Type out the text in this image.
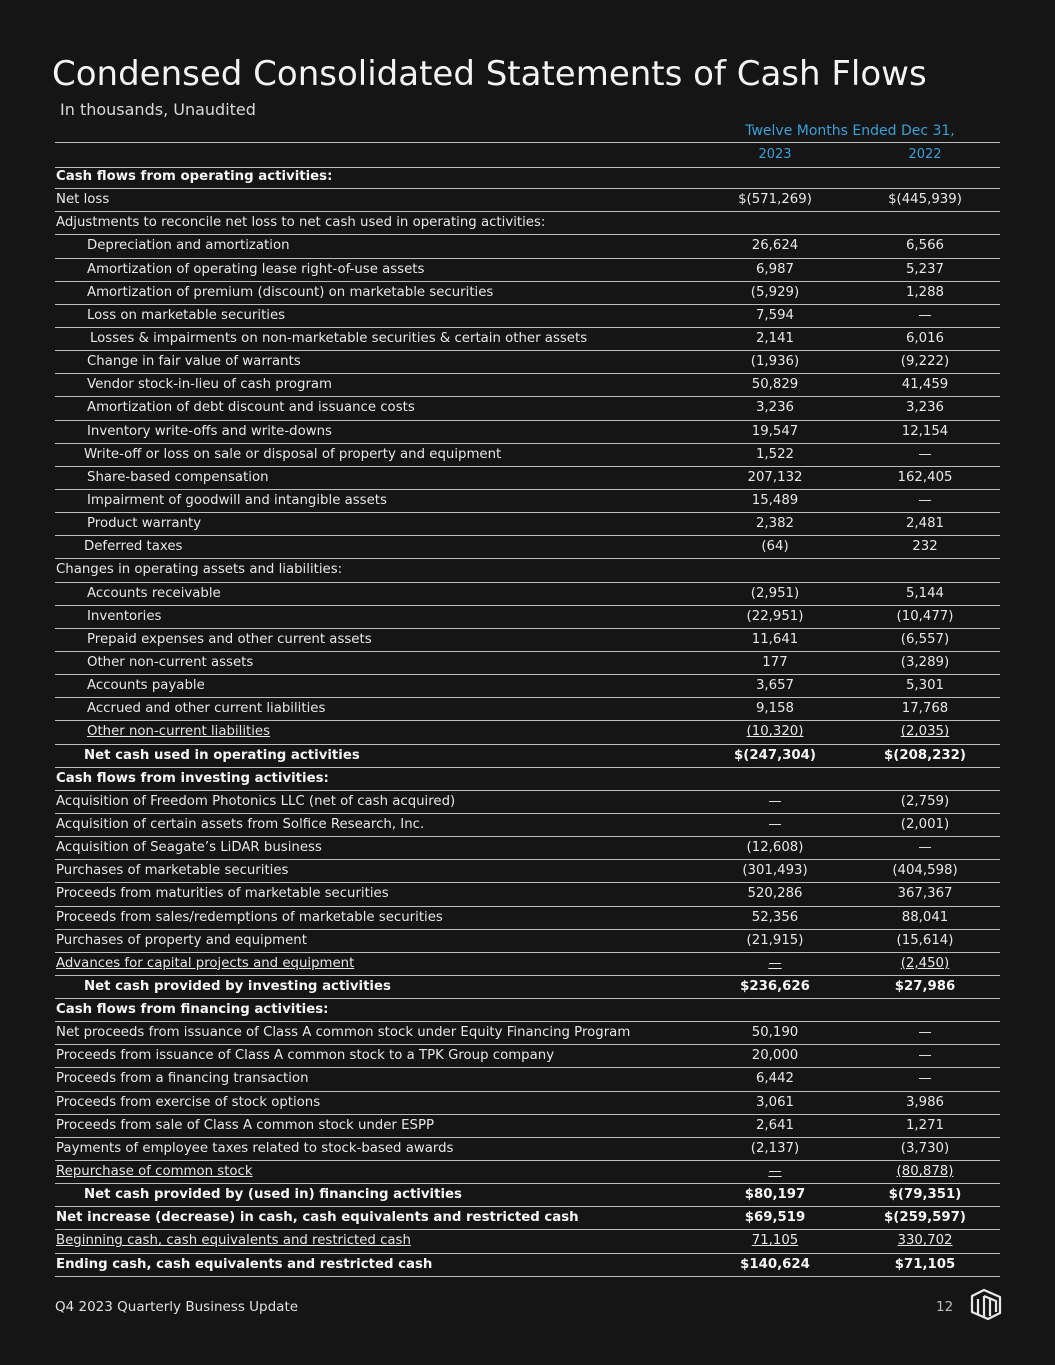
Condensed Consolidated Statements of Cash Flows
In thousands, Unaudited
Twelve Months Ended Dec 31,
2023	2022
Cash flows from operating activities:
Net loss	$(571,269)	$(445,939)
Adjustments to reconcile net loss to net cash used in operating activities:
Depreciation and amortization	26,624	6,566
Amortization of operating lease right-of-use assets	6,987	5,237
Amortization of premium (discount) on marketable securities	(5,929)	1,288
Loss on marketable securities	7,594	—
Losses & impairments on non-marketable securities & certain other assets	2,141	6,016
Change in fair value of warrants	(1,936)	(9,222)
Vendor stock-in-lieu of cash program	50,829	41,459
Amortization of debt discount and issuance costs	3,236	3,236
Inventory write-offs and write-downs	19,547	12,154
Write-off or loss on sale or disposal of property and equipment	1,522	—
Share-based compensation	207,132	162,405
Impairment of goodwill and intangible assets	15,489	—
Product warranty	2,382	2,481
Deferred taxes	(64)	232
Changes in operating assets and liabilities:
Accounts receivable	(2,951)	5,144
Inventories	(22,951)	(10,477)
Prepaid expenses and other current assets	11,641	(6,557)
Other non-current assets	177	(3,289)
Accounts payable	3,657	5,301
Accrued and other current liabilities	9,158	17,768
Other non-current liabilities	(10,320)	(2,035)
Net cash used in operating activities	$(247,304)	$(208,232)
Cash flows from investing activities:
Acquisition of Freedom Photonics LLC (net of cash acquired)	—	(2,759)
Acquisition of certain assets from Solfice Research, Inc.	—	(2,001)
Acquisition of Seagate’s LiDAR business	(12,608)	—
Purchases of marketable securities	(301,493)	(404,598)
Proceeds from maturities of marketable securities	520,286	367,367
Proceeds from sales/redemptions of marketable securities	52,356	88,041
Purchases of property and equipment	(21,915)	(15,614)
Advances for capital projects and equipment	—	(2,450)
Net cash provided by investing activities	$236,626	$27,986
Cash flows from financing activities:
Net proceeds from issuance of Class A common stock under Equity Financing Program	50,190	—
Proceeds from issuance of Class A common stock to a TPK Group company	20,000	—
Proceeds from a financing transaction	6,442	—
Proceeds from exercise of stock options	3,061	3,986
Proceeds from sale of Class A common stock under ESPP	2,641	1,271
Payments of employee taxes related to stock-based awards	(2,137)	(3,730)
Repurchase of common stock	—	(80,878)
Net cash provided by (used in) financing activities	$80,197	$(79,351)
Net increase (decrease) in cash, cash equivalents and restricted cash	$69,519	$(259,597)
Beginning cash, cash equivalents and restricted cash	71,105	330,702
Ending cash, cash equivalents and restricted cash	$140,624	$71,105
Q4 2023 Quarterly Business Update	12
